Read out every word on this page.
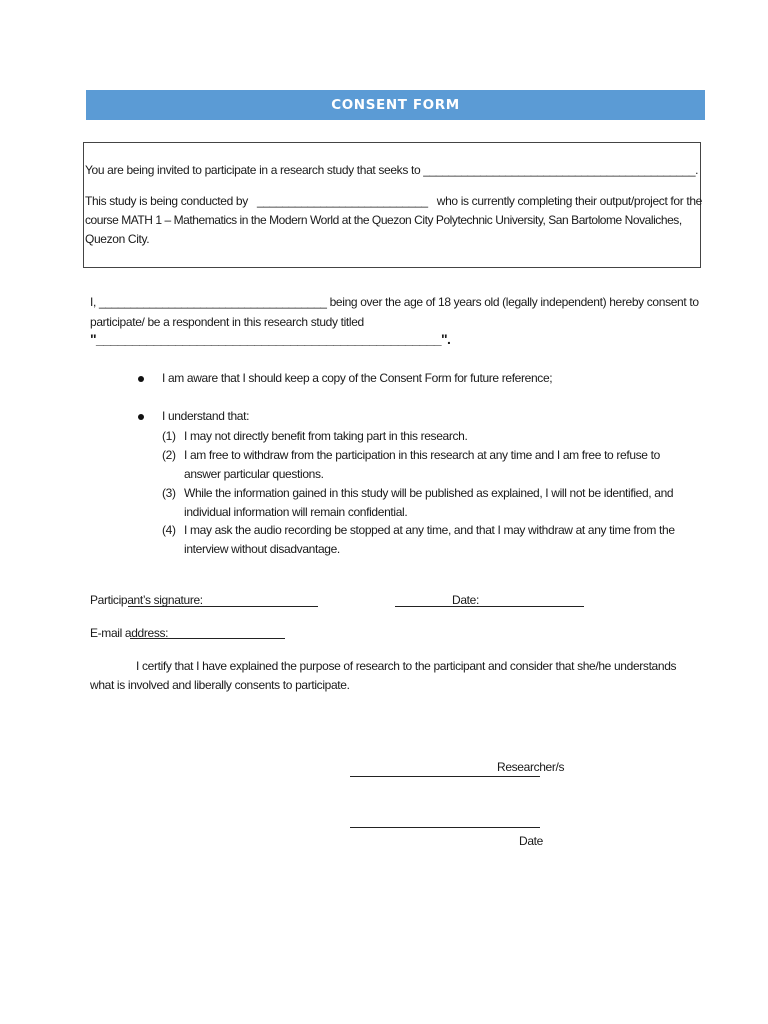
CONSENT FORM
You are being invited to participate in a research study that seeks to ___________________________________________.
This study is being conducted by ___________________________ who is currently completing their output/project for the
course MATH 1 – Mathematics in the Modern World at the Quezon City Polytechnic University, San Bartolome Novaliches,
Quezon City.
I, ____________________________________ being over the age of 18 years old (legally independent) hereby consent to
participate/ be a respondent in this research study titled
"________________________________________________".
I am aware that I should keep a copy of the Consent Form for future reference;
I understand that:
(1) I may not directly benefit from taking part in this research.
(2) I am free to withdraw from the participation in this research at any time and I am free to refuse to
answer particular questions.
(3) While the information gained in this study will be published as explained, I will not be identified, and
individual information will remain confidential.
(4) I may ask the audio recording be stopped at any time, and that I may withdraw at any time from the
interview without disadvantage.
Participant’s signature:	Date:
E-mail address:
I certify that I have explained the purpose of research to the participant and consider that she/he understands
what is involved and liberally consents to participate.
Researcher/s
Date
